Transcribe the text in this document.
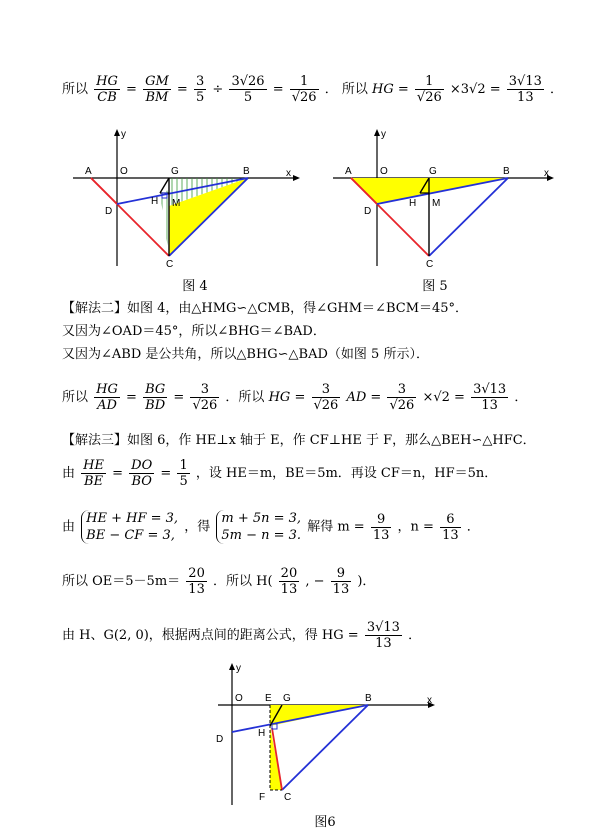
所以 $\frac{HG}{CB} = \frac{GM}{BM} = \frac{3}{5} \div \frac{3√26}{5} = \frac{1}{√26}$ ． 所以 HG = $\frac{1}{√26} \times 3√2 = \frac{3√13}{13}$ ．
y
x
A	O	G	B
D
H M
C
图 4
y
x
A	O	G	B
D
H M
C
图 5
【解法二】如图 4，由△HMG∽△CMB，得∠GHM＝∠BCM＝45°．
又因为∠OAD＝45°，所以∠BHG＝∠BAD．
又因为∠ABD 是公共角，所以△BHG∽△BAD（如图 5 所示）．
所以 $\frac{HG}{AD} = \frac{BG}{BD} = \frac{3}{√26}$ ．所以 HG = $\frac{3}{√26}$ AD = $\frac{3}{√26} \times√2 = \frac{3√13}{13}$ ．
【解法三】如图 6，作 HE⊥x 轴于 E，作 CF⊥HE 于 F，那么△BEH∽△HFC．
由 $\frac{HE}{BE} = \frac{DO}{BO} = \frac{1}{5}$ ，设 HE＝m，BE＝5m．再设 CF＝n，HF＝5n．
由
HE + HF = 3,
BE − CF = 3,
，得
m + 5n = 3,
5m − n = 3.
解得 $m = \frac{9}{13}$ ，$n = \frac{6}{13}$ ．
所以 $OE=5-5m= \frac{20}{13}$ ．所以 $H( \frac{20}{13}$ , − $\frac{9}{13}$ )．
由 H、G(2, 0)，根据两点间的距离公式，得 HG = $\frac{3√13}{13}$ ．
y
x
O E G	B
D
H
F C
图6
